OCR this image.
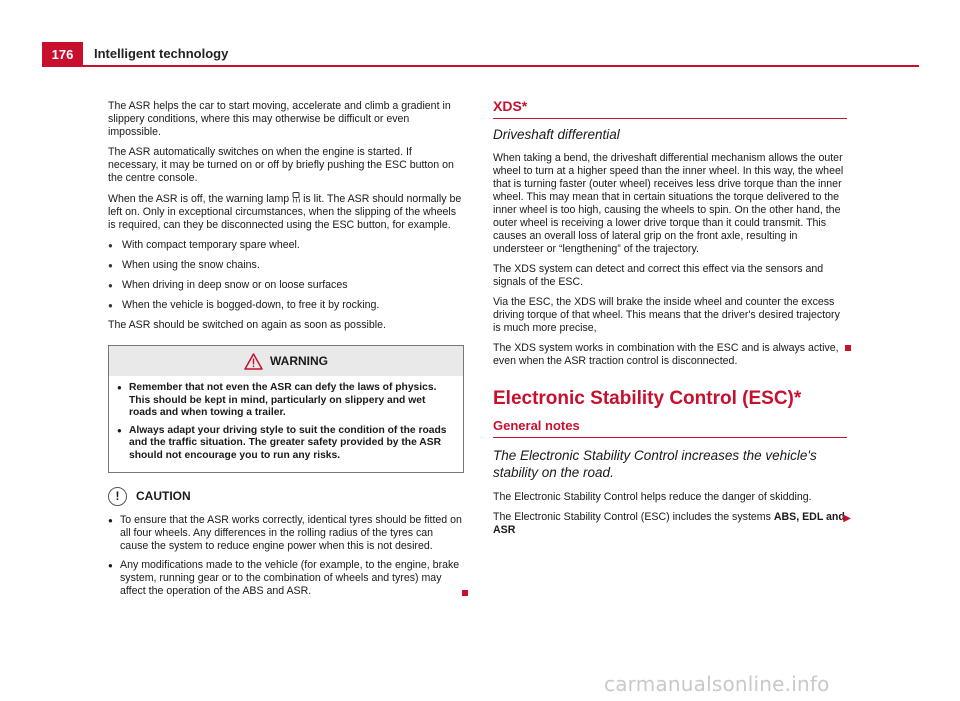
176	Intelligent technology

The ASR helps the car to start moving, accelerate and climb a gradient in slippery conditions, where this may otherwise be difficult or even impossible.

The ASR automatically switches on when the engine is started. If necessary, it may be turned on or off by briefly pushing the ESC button on the centre console.

When the ASR is off, the warning lamp  is lit. The ASR should normally be left on. Only in exceptional circumstances, when the slipping of the wheels is required, can they be disconnected using the ESC button, for example.

● With compact temporary spare wheel.
● When using the snow chains.
● When driving in deep snow or on loose surfaces
● When the vehicle is bogged-down, to free it by rocking.

The ASR should be switched on again as soon as possible.

WARNING
● Remember that not even the ASR can defy the laws of physics. This should be kept in mind, particularly on slippery and wet roads and when towing a trailer.
● Always adapt your driving style to suit the condition of the roads and the traffic situation. The greater safety provided by the ASR should not encourage you to run any risks.
!	CAUTION
● To ensure that the ASR works correctly, identical tyres should be fitted on all four wheels. Any differences in the rolling radius of the tyres can cause the system to reduce engine power when this is not desired.
● Any modifications made to the vehicle (for example, to the engine, brake system, running gear or to the combination of wheels and tyres) may affect the operation of the ABS and ASR.
XDS*
Driveshaft differential

When taking a bend, the driveshaft differential mechanism allows the outer wheel to turn at a higher speed than the inner wheel. In this way, the wheel that is turning faster (outer wheel) receives less drive torque than the inner wheel. This may mean that in certain situations the torque delivered to the inner wheel is too high, causing the wheels to spin. On the other hand, the outer wheel is receiving a lower drive torque than it could transmit. This causes an overall loss of lateral grip on the front axle, resulting in understeer or “lengthening” of the trajectory.

The XDS system can detect and correct this effect via the sensors and signals of the ESC.

Via the ESC, the XDS will brake the inside wheel and counter the excess driving torque of that wheel. This means that the driver's desired trajectory is much more precise,

The XDS system works in combination with the ESC and is always active, even when the ASR traction control is disconnected.

Electronic Stability Control (ESC)*
General notes
The Electronic Stability Control increases the vehicle's stability on the road.

The Electronic Stability Control helps reduce the danger of skidding.

The Electronic Stability Control (ESC) includes the systems ABS, EDL and ASR
▶

carmanualsonline.info
